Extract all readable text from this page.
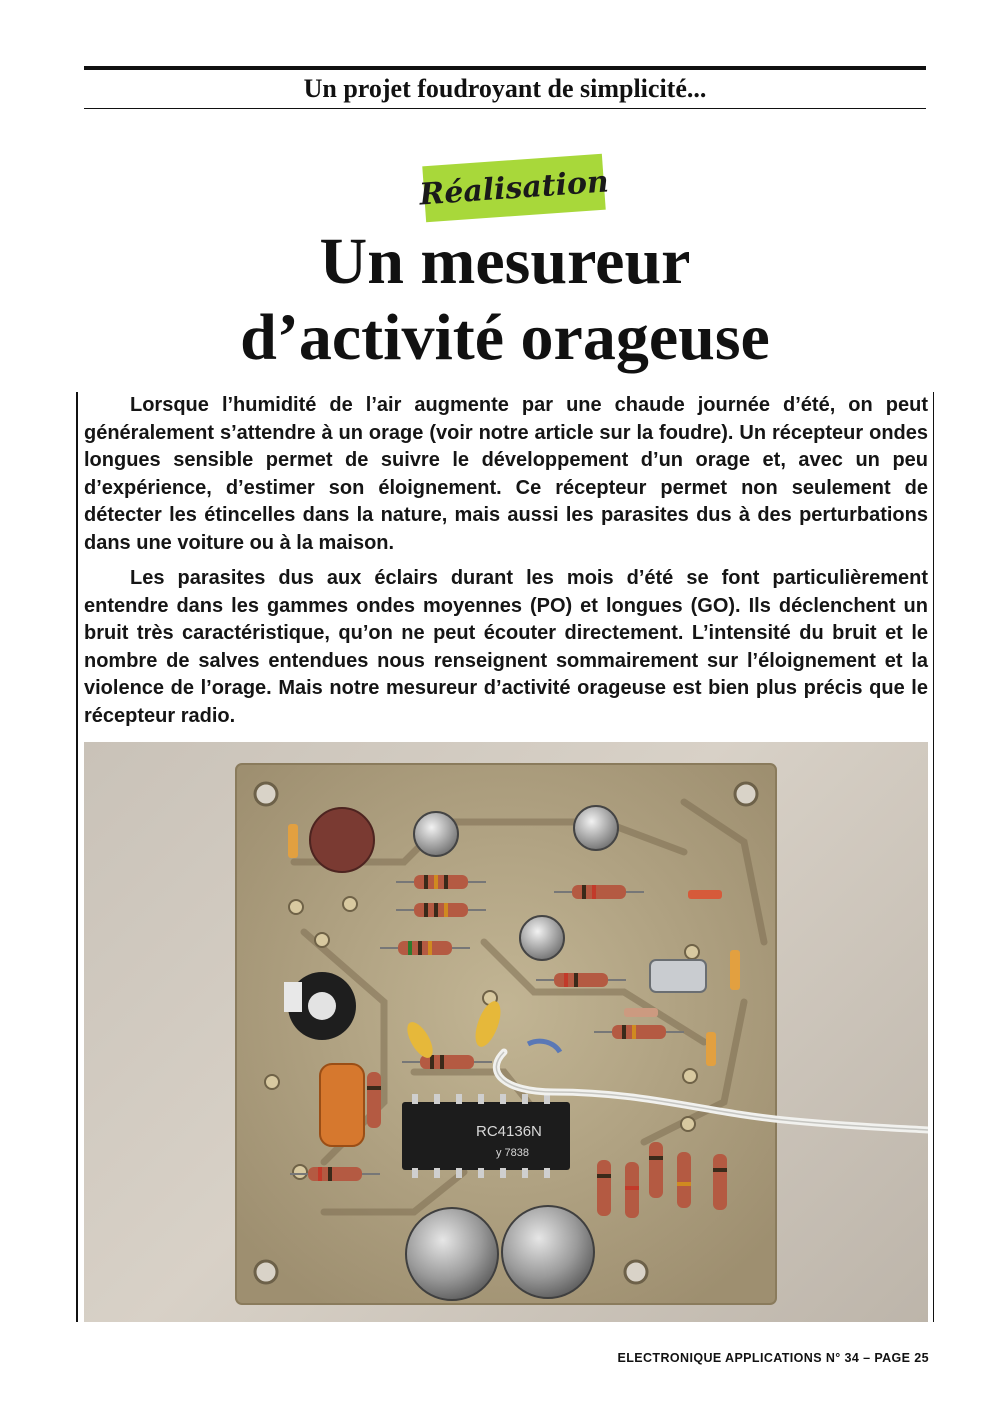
Un projet foudroyant de simplicité...
Réalisation
Un mesureur
d’activité orageuse

Lorsque l’humidité de l’air augmente par une chaude journée d’été, on peut généralement s’attendre à un orage (voir notre article sur la foudre). Un récepteur ondes longues sensible permet de suivre le développement d’un orage et, avec un peu d’expérience, d’estimer son éloignement. Ce récepteur permet non seulement de détecter les étincelles dans la nature, mais aussi les parasites dus à des perturbations dans une voiture ou à la maison.

Les parasites dus aux éclairs durant les mois d’été se font particulièrement entendre dans les gammes ondes moyennes (PO) et longues (GO). Ils déclenchent un bruit très caractéristique, qu’on ne peut écouter directement. L’intensité du bruit et le nombre de salves entendues nous renseignent sommairement sur l’éloignement et la violence de l’orage. Mais notre mesureur d’activité orageuse est bien plus précis que le récepteur radio.

RC4136N
y 7838
ELECTRONIQUE APPLICATIONS N° 34 – PAGE 25
